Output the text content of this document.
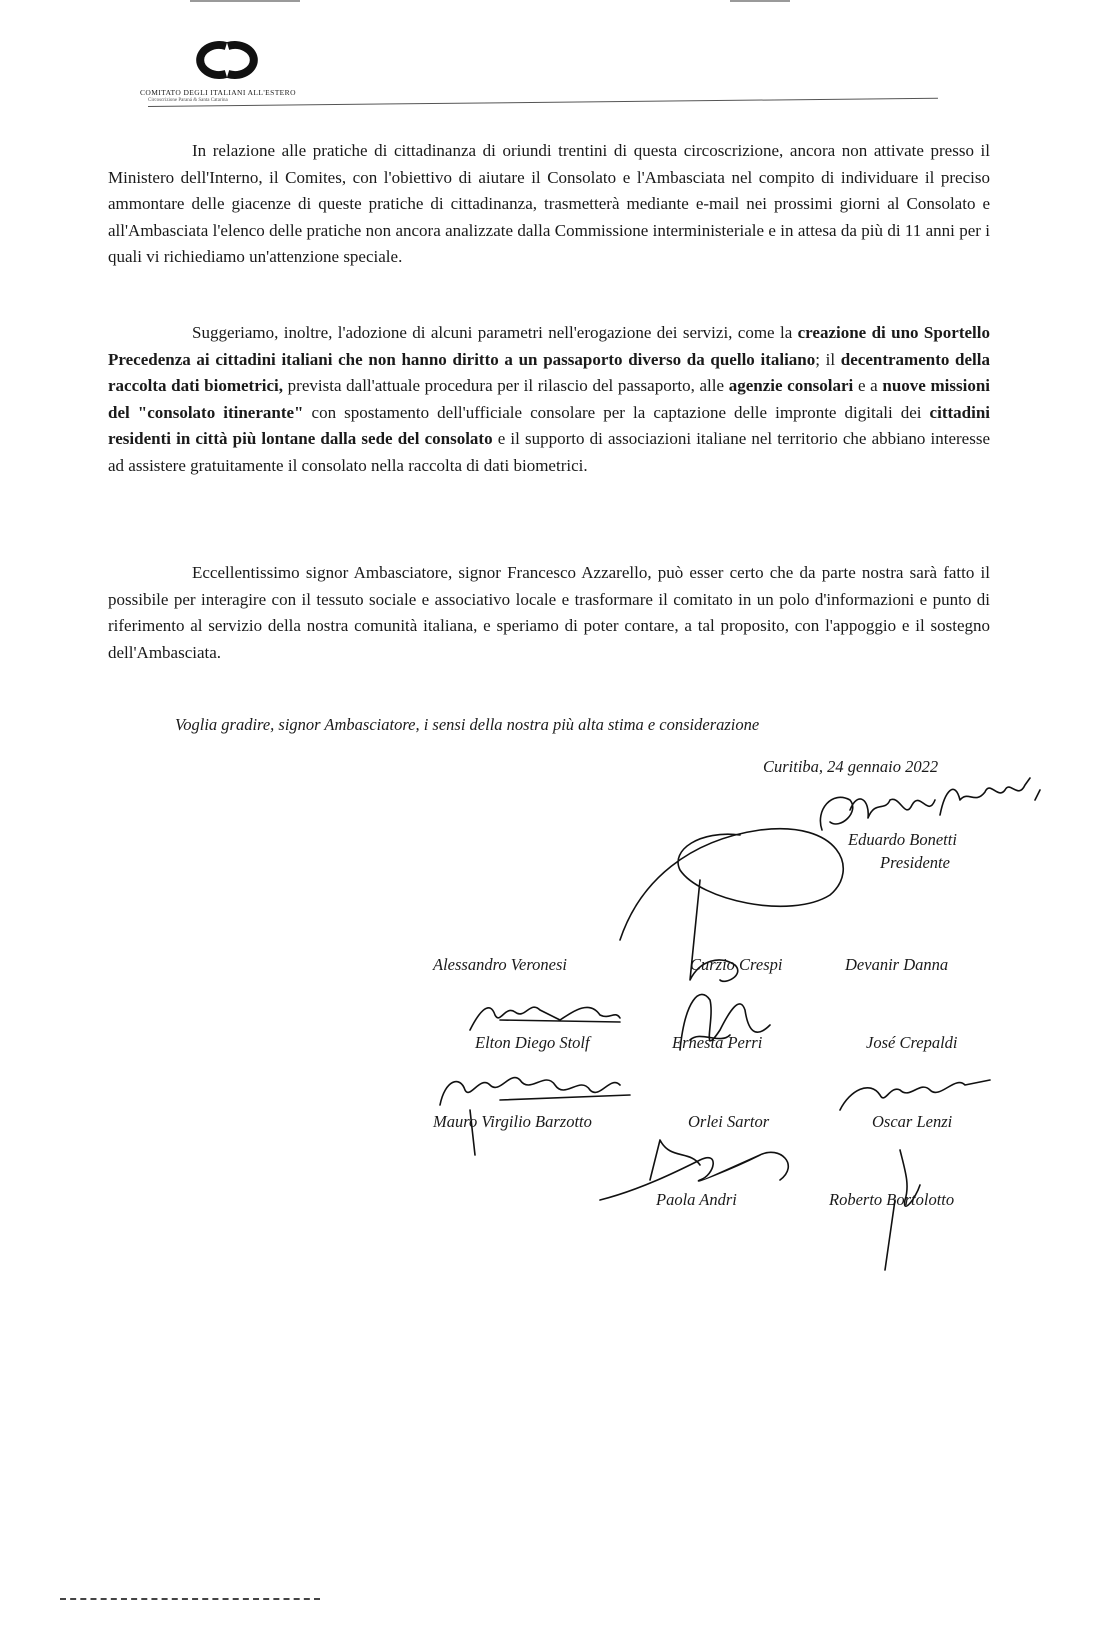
COMITATO DEGLI ITALIANI ALL'ESTERO
Circoscrizione Paraná & Santa Catarina
In relazione alle pratiche di cittadinanza di oriundi trentini di questa circoscrizione, ancora non attivate presso il Ministero dell'Interno, il Comites, con l'obiettivo di aiutare il Consolato e l'Ambasciata nel compito di individuare il preciso ammontare delle giacenze di queste pratiche di cittadinanza, trasmetterà mediante e-mail nei prossimi giorni al Consolato e all'Ambasciata l'elenco delle pratiche non ancora analizzate dalla Commissione interministeriale e in attesa da più di 11 anni per i quali vi richiediamo un'attenzione speciale.
Suggeriamo, inoltre, l'adozione di alcuni parametri nell'erogazione dei servizi, come la creazione di uno Sportello Precedenza ai cittadini italiani che non hanno diritto a un passaporto diverso da quello italiano; il decentramento della raccolta dati biometrici, prevista dall'attuale procedura per il rilascio del passaporto, alle agenzie consolari e a nuove missioni del "consolato itinerante" con spostamento dell'ufficiale consolare per la captazione delle impronte digitali dei cittadini residenti in città più lontane dalla sede del consolato e il supporto di associazioni italiane nel territorio che abbiano interesse ad assistere gratuitamente il consolato nella raccolta di dati biometrici.
Eccellentissimo signor Ambasciatore, signor Francesco Azzarello, può esser certo che da parte nostra sarà fatto il possibile per interagire con il tessuto sociale e associativo locale e trasformare il comitato in un polo d'informazioni e punto di riferimento al servizio della nostra comunità italiana, e speriamo di poter contare, a tal proposito, con l'appoggio e il sostegno dell'Ambasciata.
Voglia gradire, signor Ambasciatore, i sensi della nostra più alta stima e considerazione
Curitiba, 24 gennaio 2022
Eduardo Bonetti
Presidente
Alessandro Veronesi	Curzio Crespi	Devanir Danna
Elton Diego Stolf	Ernesta Perri	José Crepaldi
Mauro Virgilio Barzotto	Orlei Sartor	Oscar Lenzi
Paola Andri	Roberto Bortolotto
